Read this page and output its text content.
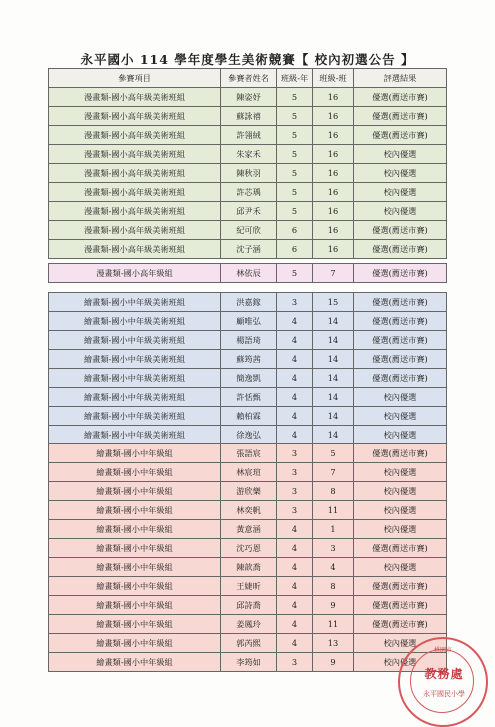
永平國小 114 學年度學生美術競賽【 校內初選公告 】
參賽項目	參賽者姓名	班級-年	班級-班	評選結果
漫畫類-國小高年級美術班組	陳姿妤	5	16	優選(薦送市賽)
漫畫類-國小高年級美術班組	蘇詠禧	5	16	優選(薦送市賽)
漫畫類-國小高年級美術班組	許翎絨	5	16	優選(薦送市賽)
漫畫類-國小高年級美術班組	朱家禾	5	16	校內優選
漫畫類-國小高年級美術班組	陳秋羽	5	16	校內優選
漫畫類-國小高年級美術班組	許芯瑀	5	16	校內優選
漫畫類-國小高年級美術班組	邱尹禾	5	16	校內優選
漫畫類-國小高年級美術班組	紀可欣	6	16	優選(薦送市賽)
漫畫類-國小高年級美術班組	沈子涵	6	16	優選(薦送市賽)
漫畫類-國小高年級組	林依辰	5	7	優選(薦送市賽)
繪畫類-國小中年級美術班組	洪嘉鎵	3	15	優選(薦送市賽)
繪畫類-國小中年級美術班組	顧唯弘	4	14	優選(薦送市賽)
繪畫類-國小中年級美術班組	楊語琦	4	14	優選(薦送市賽)
繪畫類-國小中年級美術班組	蘇筠茜	4	14	優選(薦送市賽)
繪畫類-國小中年級美術班組	簡逸凱	4	14	優選(薦送市賽)
繪畫類-國小中年級美術班組	許恬甄	4	14	校內優選
繪畫類-國小中年級美術班組	賴柏霖	4	14	校內優選
繪畫類-國小中年級美術班組	徐逸弘	4	14	校內優選
繪畫類-國小中年級組	張語宸	3	5	優選(薦送市賽)
繪畫類-國小中年級組	林宸瑄	3	7	校內優選
繪畫類-國小中年級組	游欣樂	3	8	校內優選
繪畫類-國小中年級組	林奕帆	3	11	校內優選
繪畫類-國小中年級組	黃意涵	4	1	校內優選
繪畫類-國小中年級組	沈巧恩	4	3	優選(薦送市賽)
繪畫類-國小中年級組	陳歆喬	4	4	校內優選
繪畫類-國小中年級組	王婕昕	4	8	優選(薦送市賽)
繪畫類-國小中年級組	邱詩喬	4	9	優選(薦送市賽)
繪畫類-國小中年級組	姜鳳玲	4	11	優選(薦送市賽)
繪畫類-國小中年級組	郭芮熙	4	13	校內優選
繪畫類-國小中年級組	李筠如	3	9	校內優選
桃園市
教務處
永平國民小學
